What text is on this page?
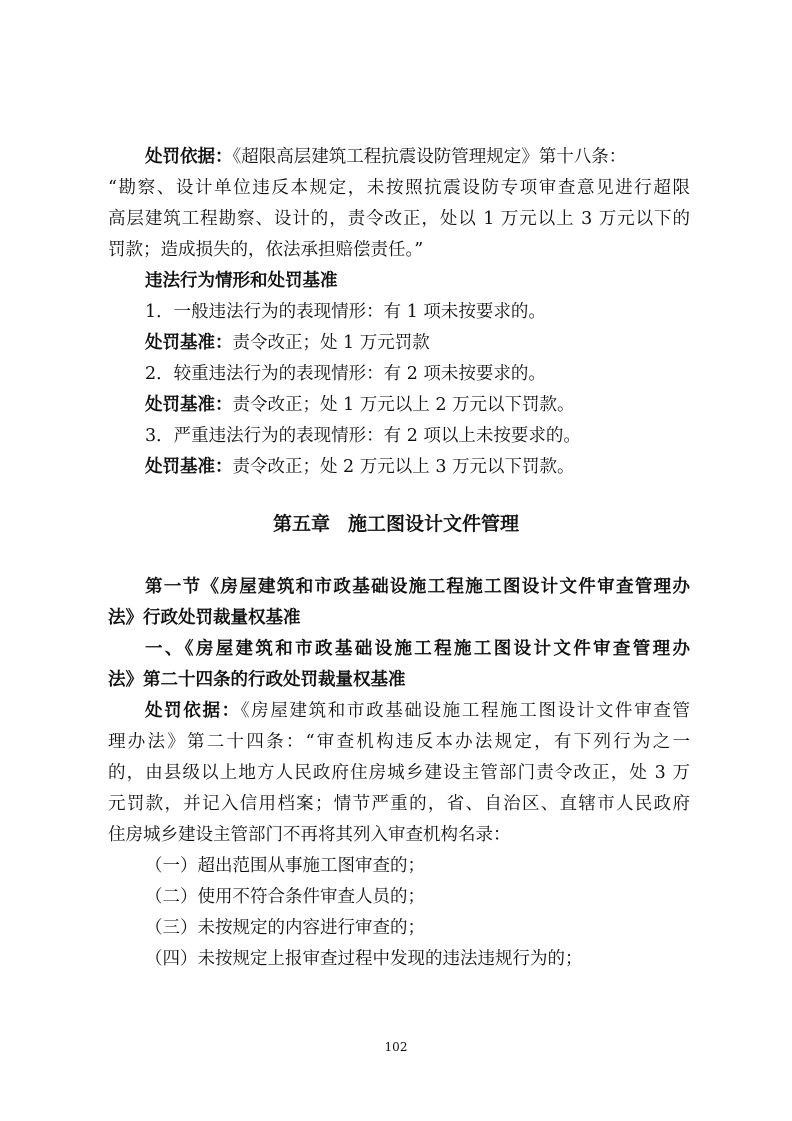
处罚依据：《超限高层建筑工程抗震设防管理规定》第十八条：
“勘察、设计单位违反本规定，未按照抗震设防专项审查意见进行超限
高层建筑工程勘察、设计的，责令改正，处以 1 万元以上 3 万元以下的
罚款；造成损失的，依法承担赔偿责任。”
违法行为情形和处罚基准
1．一般违法行为的表现情形：有 1 项未按要求的。
处罚基准：责令改正；处 1 万元罚款
2．较重违法行为的表现情形：有 2 项未按要求的。
处罚基准：责令改正；处 1 万元以上 2 万元以下罚款。
3．严重违法行为的表现情形：有 2 项以上未按要求的。
处罚基准：责令改正；处 2 万元以上 3 万元以下罚款。
第五章 施工图设计文件管理
第一节《房屋建筑和市政基础设施工程施工图设计文件审查管理办
法》行政处罚裁量权基准
一、《房屋建筑和市政基础设施工程施工图设计文件审查管理办
法》第二十四条的行政处罚裁量权基准
处罚依据：《房屋建筑和市政基础设施工程施工图设计文件审查管
理办法》第二十四条：“审查机构违反本办法规定，有下列行为之一
的，由县级以上地方人民政府住房城乡建设主管部门责令改正，处 3 万
元罚款，并记入信用档案；情节严重的，省、自治区、直辖市人民政府
住房城乡建设主管部门不再将其列入审查机构名录：
（一）超出范围从事施工图审查的；
（二）使用不符合条件审查人员的；
（三）未按规定的内容进行审查的；
（四）未按规定上报审查过程中发现的违法违规行为的；
102
